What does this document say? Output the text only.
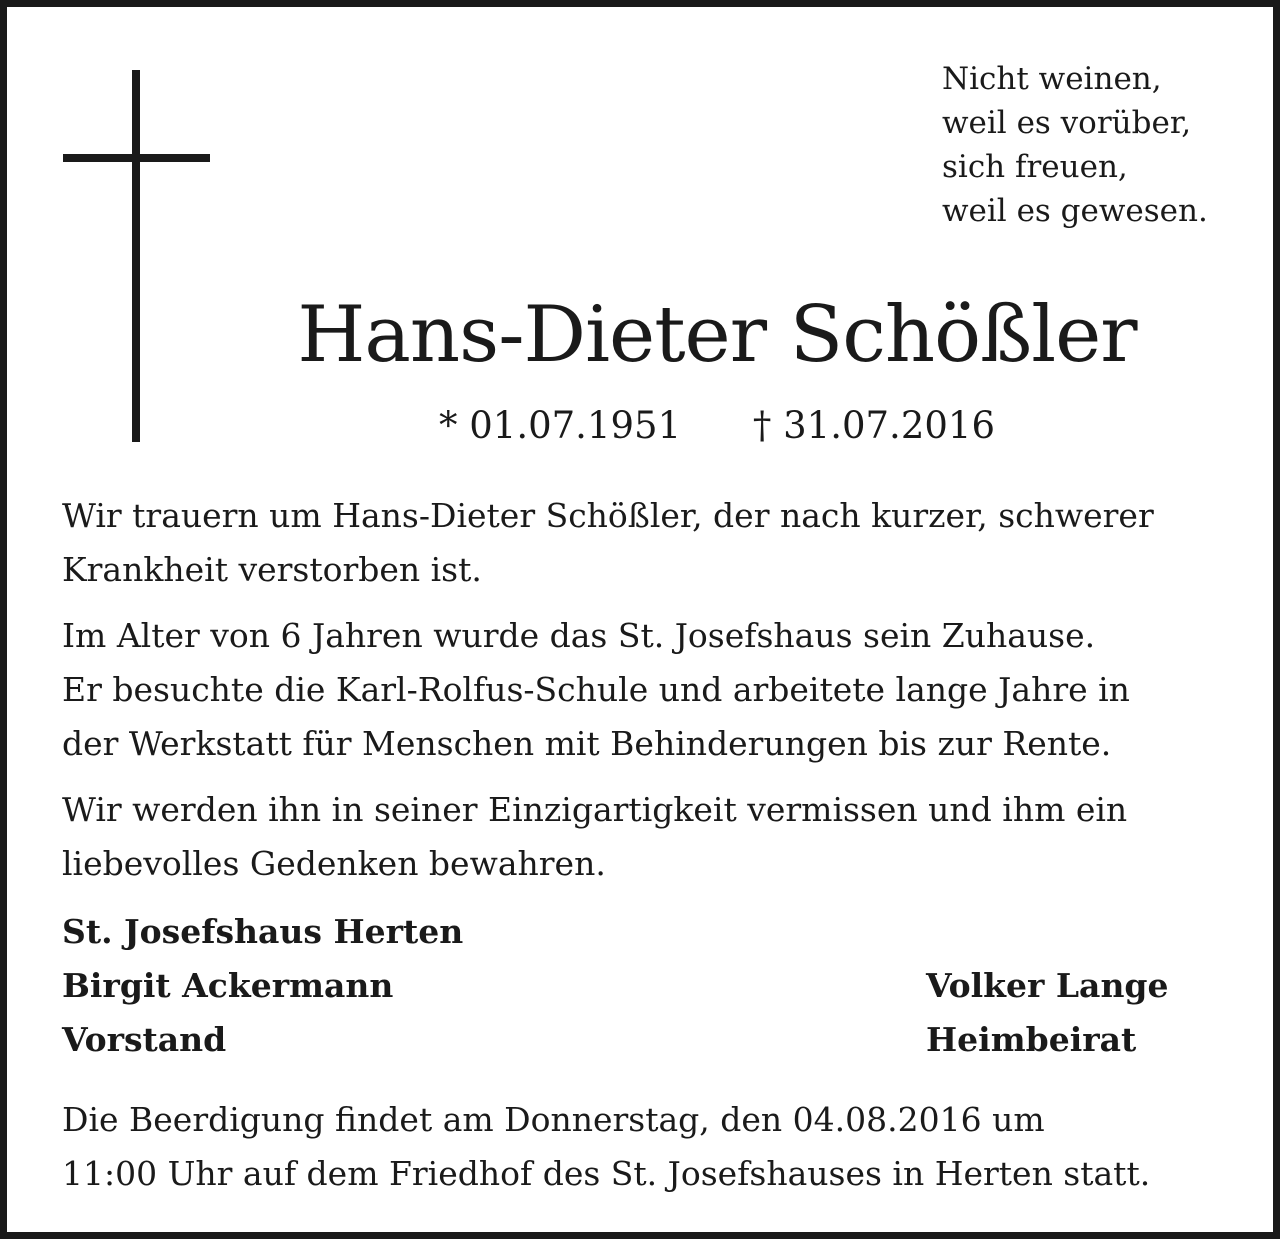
Nicht weinen,
weil es vorüber,
sich freuen,
weil es gewesen.
Hans-Dieter Schößler
* 01.07.1951 † 31.07.2016

Wir trauern um Hans-Dieter Schößler, der nach kurzer, schwerer
Krankheit verstorben ist.

Im Alter von 6 Jahren wurde das St. Josefshaus sein Zuhause.
Er besuchte die Karl-Rolfus-Schule und arbeitete lange Jahre in
der Werkstatt für Menschen mit Behinderungen bis zur Rente.

Wir werden ihn in seiner Einzigartigkeit vermissen und ihm ein
liebevolles Gedenken bewahren.

St. Josefshaus Herten
Birgit Ackermann
Vorstand
Volker Lange
Heimbeirat
Die Beerdigung findet am Donnerstag, den 04.08.2016 um
11:00 Uhr auf dem Friedhof des St. Josefshauses in Herten statt.
